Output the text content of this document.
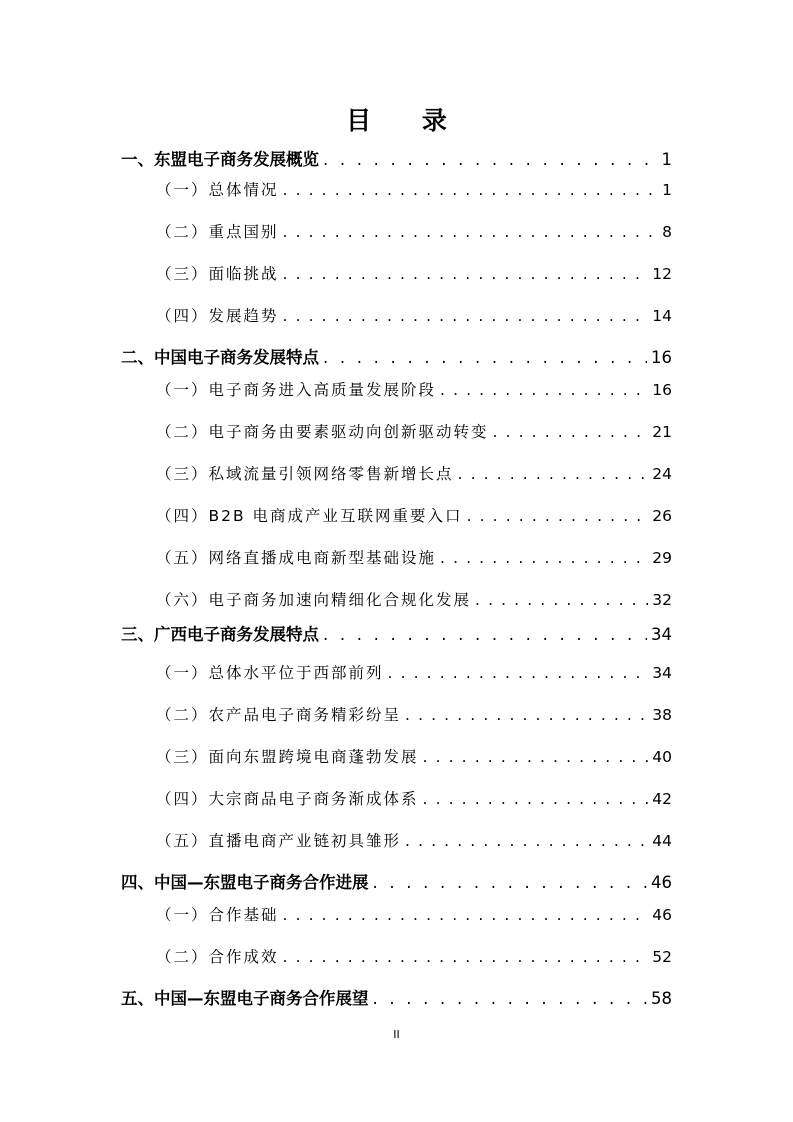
目 录
一、东盟电子商务发展概览 . . .	1
（一）总体情况 . . .	1
（二）重点国别 . . .	8
（三）面临挑战 . . .	12
（四）发展趋势 . . .	14
二、中国电子商务发展特点 . . .	16
（一）电子商务进入高质量发展阶段 . . .	16
（二）电子商务由要素驱动向创新驱动转变 . . .	21
（三）私域流量引领网络零售新增长点 . . .	24
（四）B2B 电商成产业互联网重要入口 . . .	26
（五）网络直播成电商新型基础设施 . . .	29
（六）电子商务加速向精细化合规化发展 . . .	32
三、广西电子商务发展特点 . . .	34
（一）总体水平位于西部前列 . . .	34
（二）农产品电子商务精彩纷呈 . . .	38
（三）面向东盟跨境电商蓬勃发展 . . .	40
（四）大宗商品电子商务渐成体系 . . .	42
（五）直播电商产业链初具雏形 . . .	44
四、中国—东盟电子商务合作进展 . . .	46
（一）合作基础 . . .	46
（二）合作成效 . . .	52
五、中国—东盟电子商务合作展望 . . .	58
II
